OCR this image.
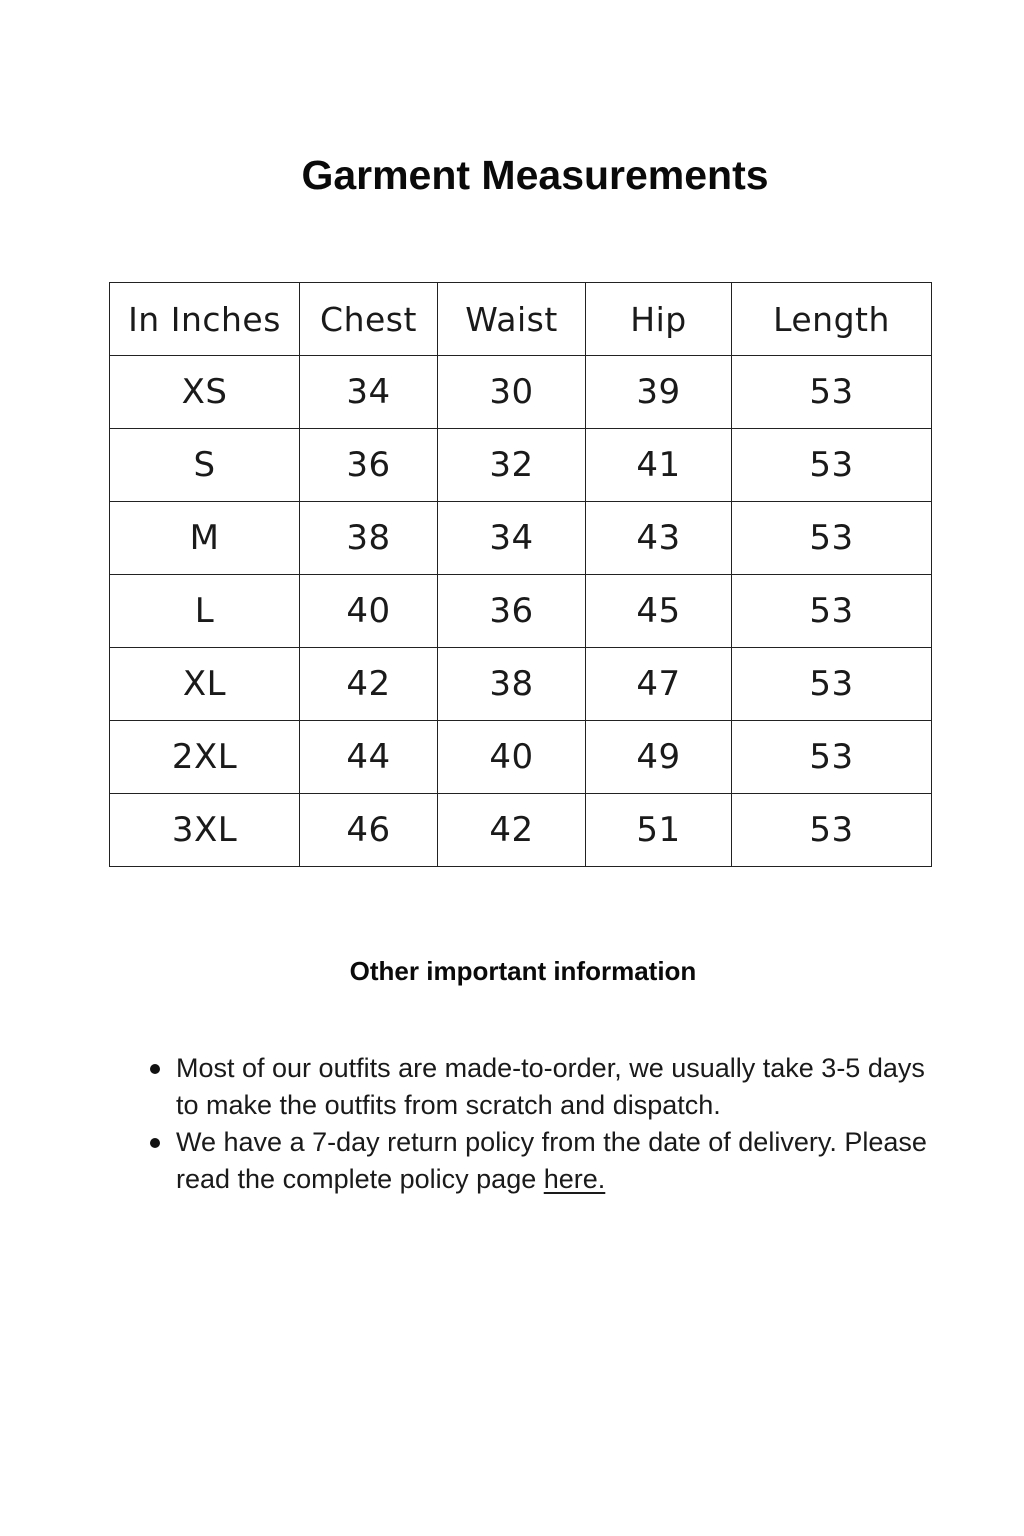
Garment Measurements
In Inches	Chest	Waist	Hip	Length
XS	34	30	39	53
S	36	32	41	53
M	38	34	43	53
L	40	36	45	53
XL	42	38	47	53
2XL	44	40	49	53
3XL	46	42	51	53
Other important information
Most of our outfits are made-to-order, we usually take 3-5 days to make the outfits from scratch and dispatch.
We have a 7-day return policy from the date of delivery. Please read the complete policy page here.
